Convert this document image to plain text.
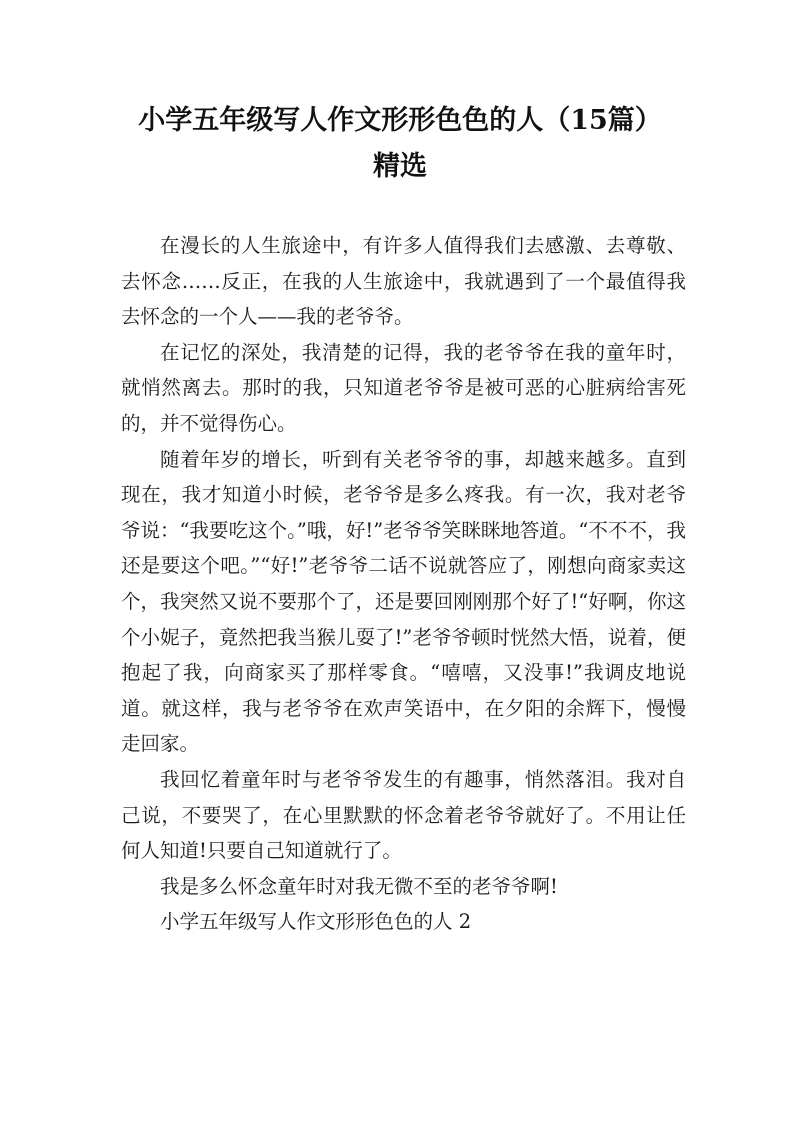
小学五年级写人作文形形色色的人（15篇）
精选

在漫长的人生旅途中，有许多人值得我们去感激、去尊敬、去怀念……反正，在我的人生旅途中，我就遇到了一个最值得我去怀念的一个人——我的老爷爷。

在记忆的深处，我清楚的记得，我的老爷爷在我的童年时，就悄然离去。那时的我，只知道老爷爷是被可恶的心脏病给害死的，并不觉得伤心。

随着年岁的增长，听到有关老爷爷的事，却越来越多。直到现在，我才知道小时候，老爷爷是多么疼我。有一次，我对老爷爷说：“我要吃这个。”哦，好!”老爷爷笑眯眯地答道。“不不不，我还是要这个吧。”“好!”老爷爷二话不说就答应了，刚想向商家卖这个，我突然又说不要那个了，还是要回刚刚那个好了!“好啊，你这个小妮子，竟然把我当猴儿耍了!”老爷爷顿时恍然大悟，说着，便抱起了我，向商家买了那样零食。“嘻嘻，又没事!”我调皮地说道。就这样，我与老爷爷在欢声笑语中，在夕阳的余辉下，慢慢走回家。

我回忆着童年时与老爷爷发生的有趣事，悄然落泪。我对自己说，不要哭了，在心里默默的怀念着老爷爷就好了。不用让任何人知道!只要自己知道就行了。

我是多么怀念童年时对我无微不至的老爷爷啊!

小学五年级写人作文形形色色的人 2
